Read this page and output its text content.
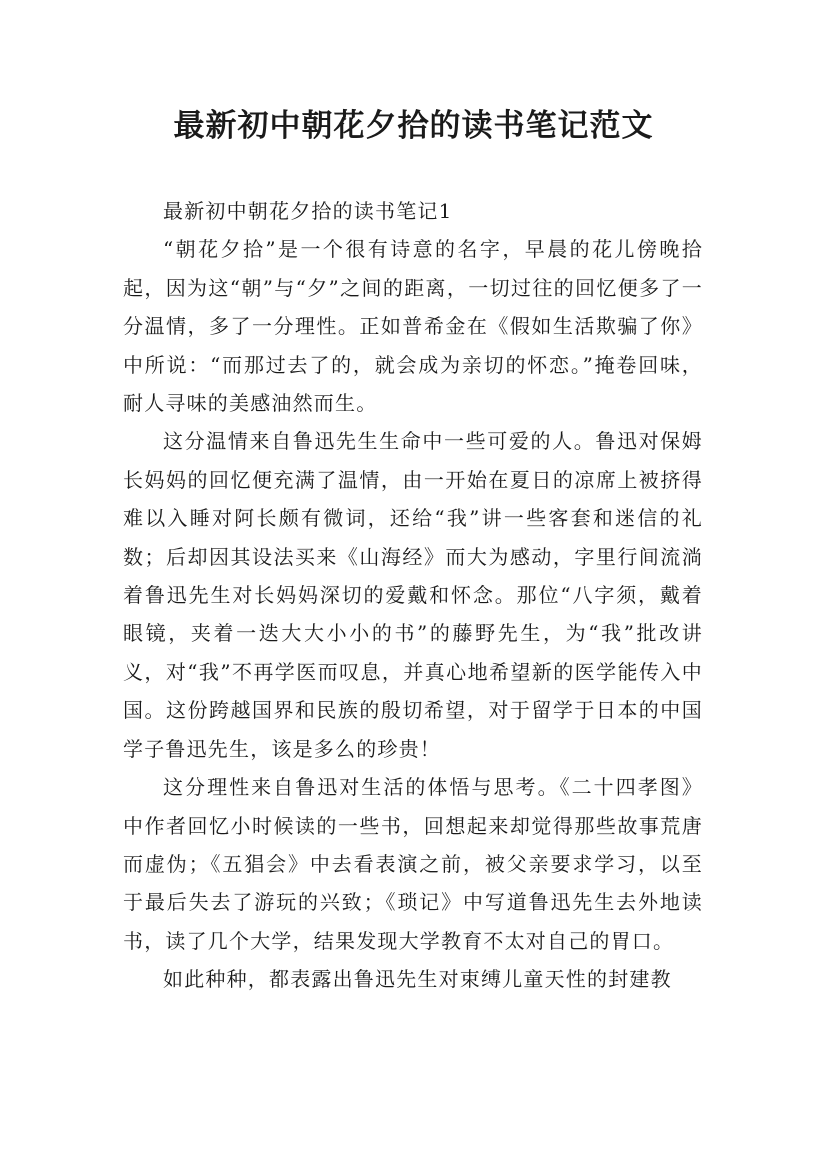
最新初中朝花夕拾的读书笔记范文

最新初中朝花夕拾的读书笔记1

“朝花夕拾”是一个很有诗意的名字，早晨的花儿傍晚拾起，因为这“朝”与“夕”之间的距离，一切过往的回忆便多了一分温情，多了一分理性。正如普希金在《假如生活欺骗了你》中所说：“而那过去了的，就会成为亲切的怀恋。”掩卷回味，耐人寻味的美感油然而生。

这分温情来自鲁迅先生生命中一些可爱的人。鲁迅对保姆长妈妈的回忆便充满了温情，由一开始在夏日的凉席上被挤得难以入睡对阿长颇有微词，还给“我”讲一些客套和迷信的礼数；后却因其设法买来《山海经》而大为感动，字里行间流淌着鲁迅先生对长妈妈深切的爱戴和怀念。那位“八字须，戴着眼镜，夹着一迭大大小小的书”的藤野先生，为“我”批改讲义，对“我”不再学医而叹息，并真心地希望新的医学能传入中国。这份跨越国界和民族的殷切希望，对于留学于日本的中国学子鲁迅先生，该是多么的珍贵！

这分理性来自鲁迅对生活的体悟与思考。《二十四孝图》中作者回忆小时候读的一些书，回想起来却觉得那些故事荒唐而虚伪；《五猖会》中去看表演之前，被父亲要求学习，以至于最后失去了游玩的兴致；《琐记》中写道鲁迅先生去外地读书，读了几个大学，结果发现大学教育不太对自己的胃口。

如此种种，都表露出鲁迅先生对束缚儿童天性的封建教
